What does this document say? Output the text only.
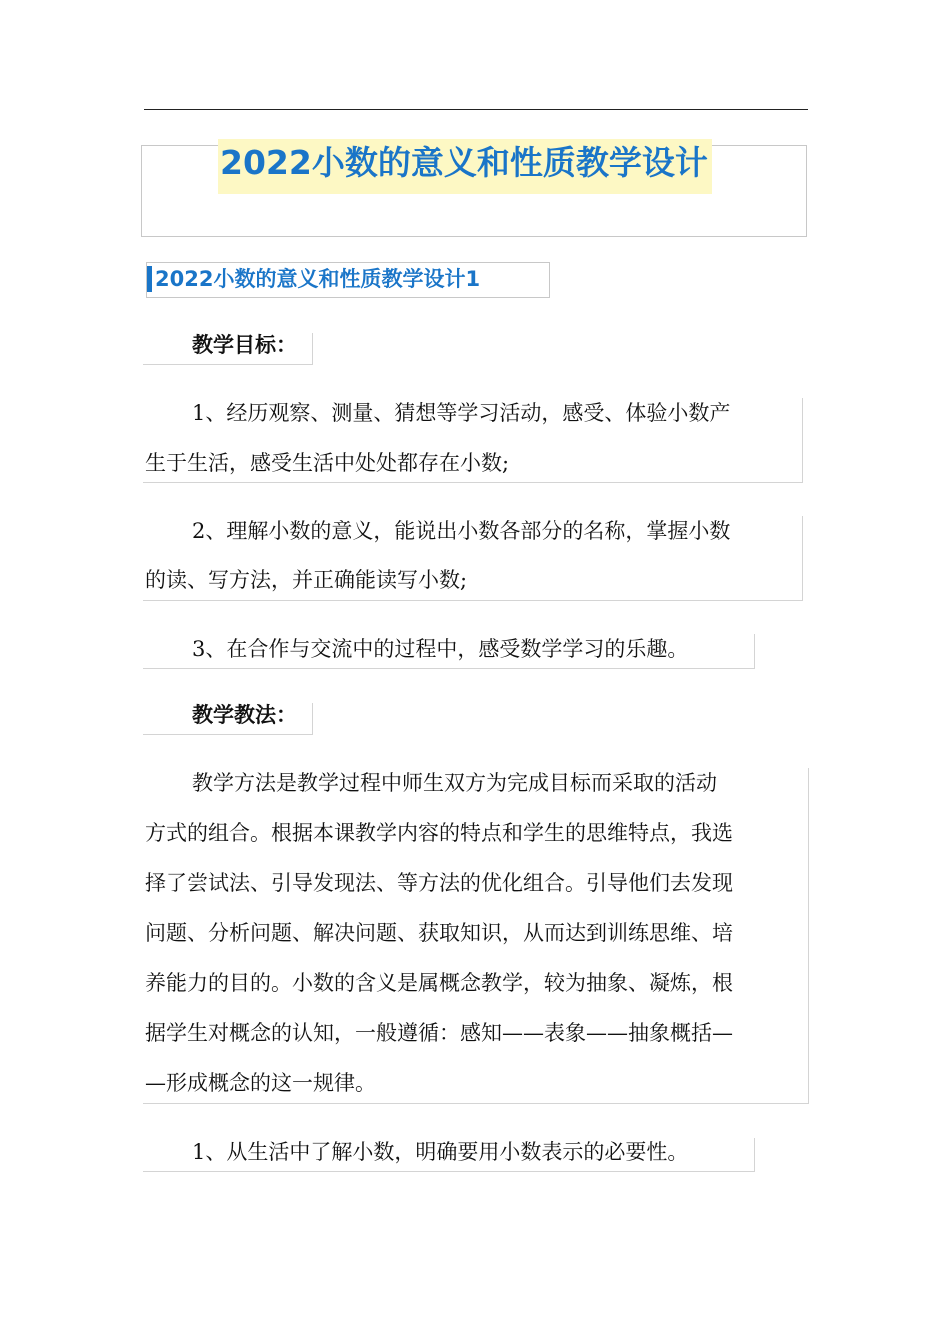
2022小数的意义和性质教学设计
2022小数的意义和性质教学设计1
教学目标：
1、经历观察、测量、猜想等学习活动，感受、体验小数产
生于生活，感受生活中处处都存在小数;
2、理解小数的意义，能说出小数各部分的名称，掌握小数
的读、写方法，并正确能读写小数;
3、在合作与交流中的过程中，感受数学学习的乐趣。
教学教法：
教学方法是教学过程中师生双方为完成目标而采取的活动
方式的组合。根据本课教学内容的特点和学生的思维特点，我选
择了尝试法、引导发现法、等方法的优化组合。引导他们去发现
问题、分析问题、解决问题、获取知识，从而达到训练思维、培
养能力的目的。小数的含义是属概念教学，较为抽象、凝炼，根
据学生对概念的认知，一般遵循：感知——表象——抽象概括—
—形成概念的这一规律。
1、从生活中了解小数，明确要用小数表示的必要性。
